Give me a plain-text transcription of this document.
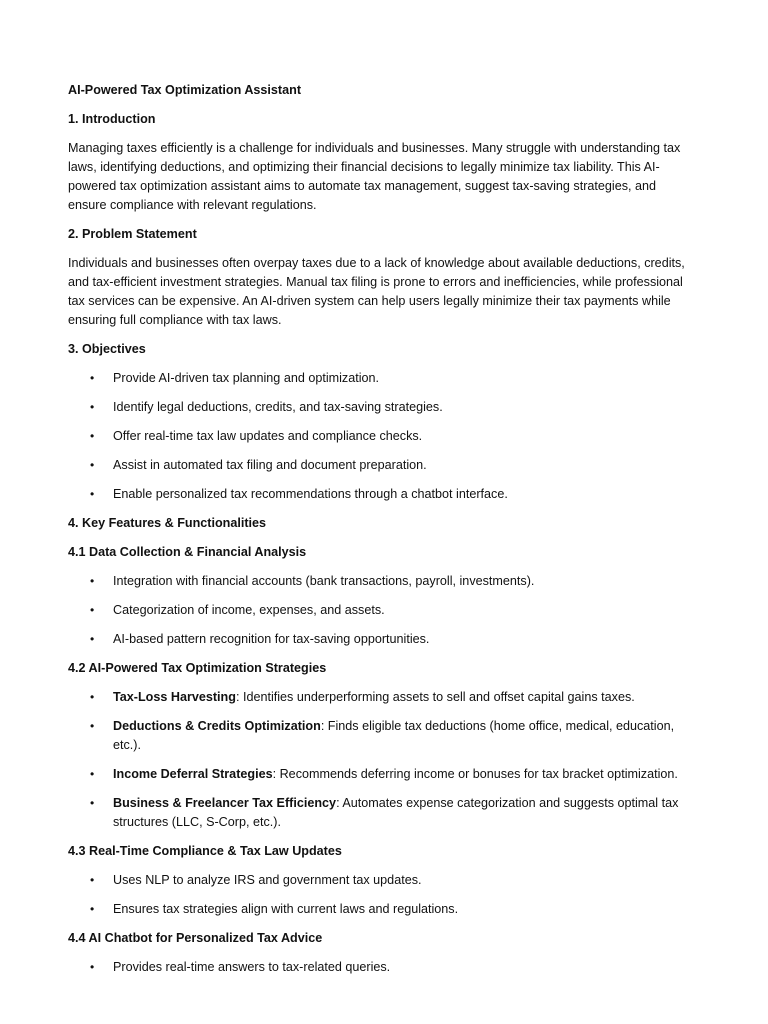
AI-Powered Tax Optimization Assistant
1. Introduction

Managing taxes efficiently is a challenge for individuals and businesses. Many struggle with understanding tax laws, identifying deductions, and optimizing their financial decisions to legally minimize tax liability. This AI-powered tax optimization assistant aims to automate tax management, suggest tax-saving strategies, and ensure compliance with relevant regulations.

2. Problem Statement

Individuals and businesses often overpay taxes due to a lack of knowledge about available deductions, credits, and tax-efficient investment strategies. Manual tax filing is prone to errors and inefficiencies, while professional tax services can be expensive. An AI-driven system can help users legally minimize their tax payments while ensuring full compliance with tax laws.

3. Objectives
• Provide AI-driven tax planning and optimization.
• Identify legal deductions, credits, and tax-saving strategies.
• Offer real-time tax law updates and compliance checks.
• Assist in automated tax filing and document preparation.
• Enable personalized tax recommendations through a chatbot interface.
4. Key Features & Functionalities
4.1 Data Collection & Financial Analysis
• Integration with financial accounts (bank transactions, payroll, investments).
• Categorization of income, expenses, and assets.
• AI-based pattern recognition for tax-saving opportunities.
4.2 AI-Powered Tax Optimization Strategies
• Tax-Loss Harvesting: Identifies underperforming assets to sell and offset capital gains taxes.
• Deductions & Credits Optimization: Finds eligible tax deductions (home office, medical, education, etc.).
• Income Deferral Strategies: Recommends deferring income or bonuses for tax bracket optimization.
• Business & Freelancer Tax Efficiency: Automates expense categorization and suggests optimal tax structures (LLC, S-Corp, etc.).
4.3 Real-Time Compliance & Tax Law Updates
• Uses NLP to analyze IRS and government tax updates.
• Ensures tax strategies align with current laws and regulations.
4.4 AI Chatbot for Personalized Tax Advice
• Provides real-time answers to tax-related queries.
